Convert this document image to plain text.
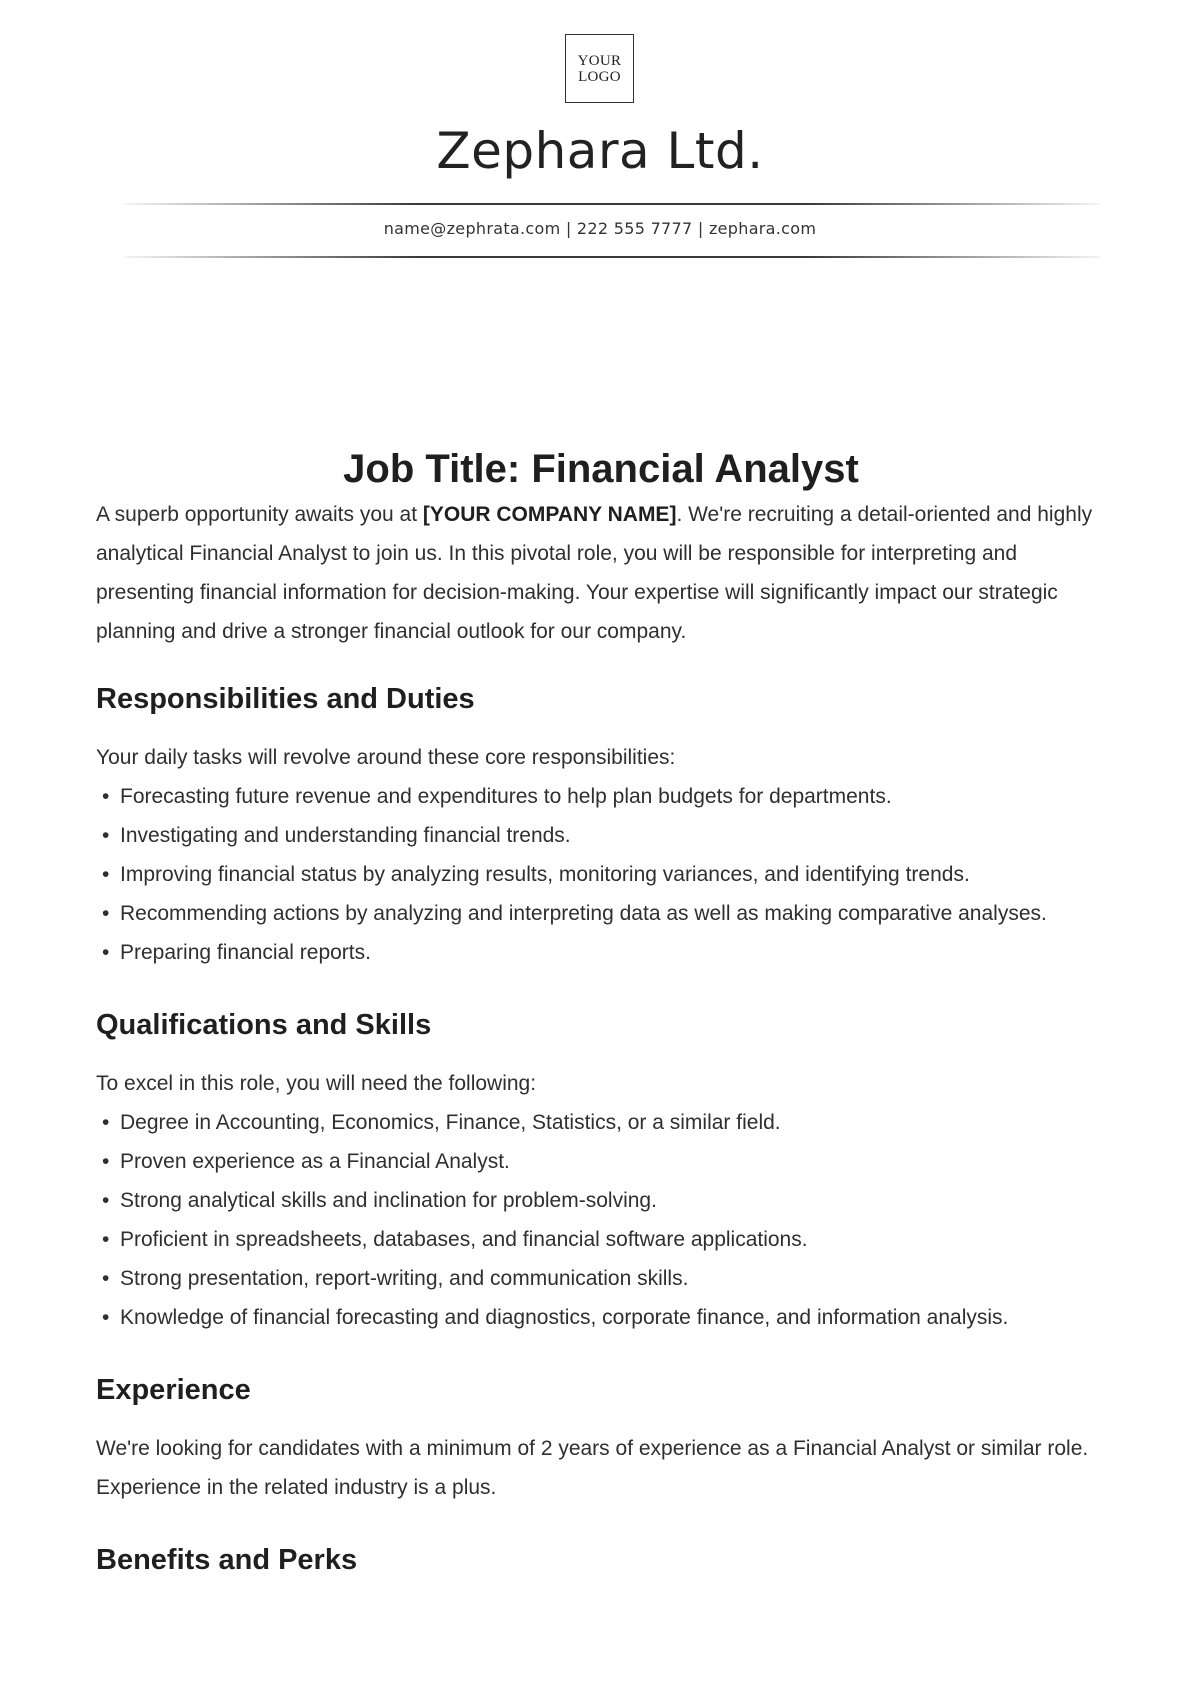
YOUR
LOGO
Zephara Ltd.
name@zephrata.com | 222 555 7777 | zephara.com
Job Title: Financial Analyst

A superb opportunity awaits you at [YOUR COMPANY NAME]. We're recruiting a detail-oriented and highly analytical Financial Analyst to join us. In this pivotal role, you will be responsible for interpreting and presenting financial information for decision-making. Your expertise will significantly impact our strategic planning and drive a stronger financial outlook for our company.

Responsibilities and Duties

Your daily tasks will revolve around these core responsibilities:

• Forecasting future revenue and expenditures to help plan budgets for departments.
• Investigating and understanding financial trends.
• Improving financial status by analyzing results, monitoring variances, and identifying trends.
• Recommending actions by analyzing and interpreting data as well as making comparative analyses.
• Preparing financial reports.
Qualifications and Skills

To excel in this role, you will need the following:

• Degree in Accounting, Economics, Finance, Statistics, or a similar field.
• Proven experience as a Financial Analyst.
• Strong analytical skills and inclination for problem-solving.
• Proficient in spreadsheets, databases, and financial software applications.
• Strong presentation, report-writing, and communication skills.
• Knowledge of financial forecasting and diagnostics, corporate finance, and information analysis.
Experience

We're looking for candidates with a minimum of 2 years of experience as a Financial Analyst or similar role. Experience in the related industry is a plus.

Benefits and Perks
